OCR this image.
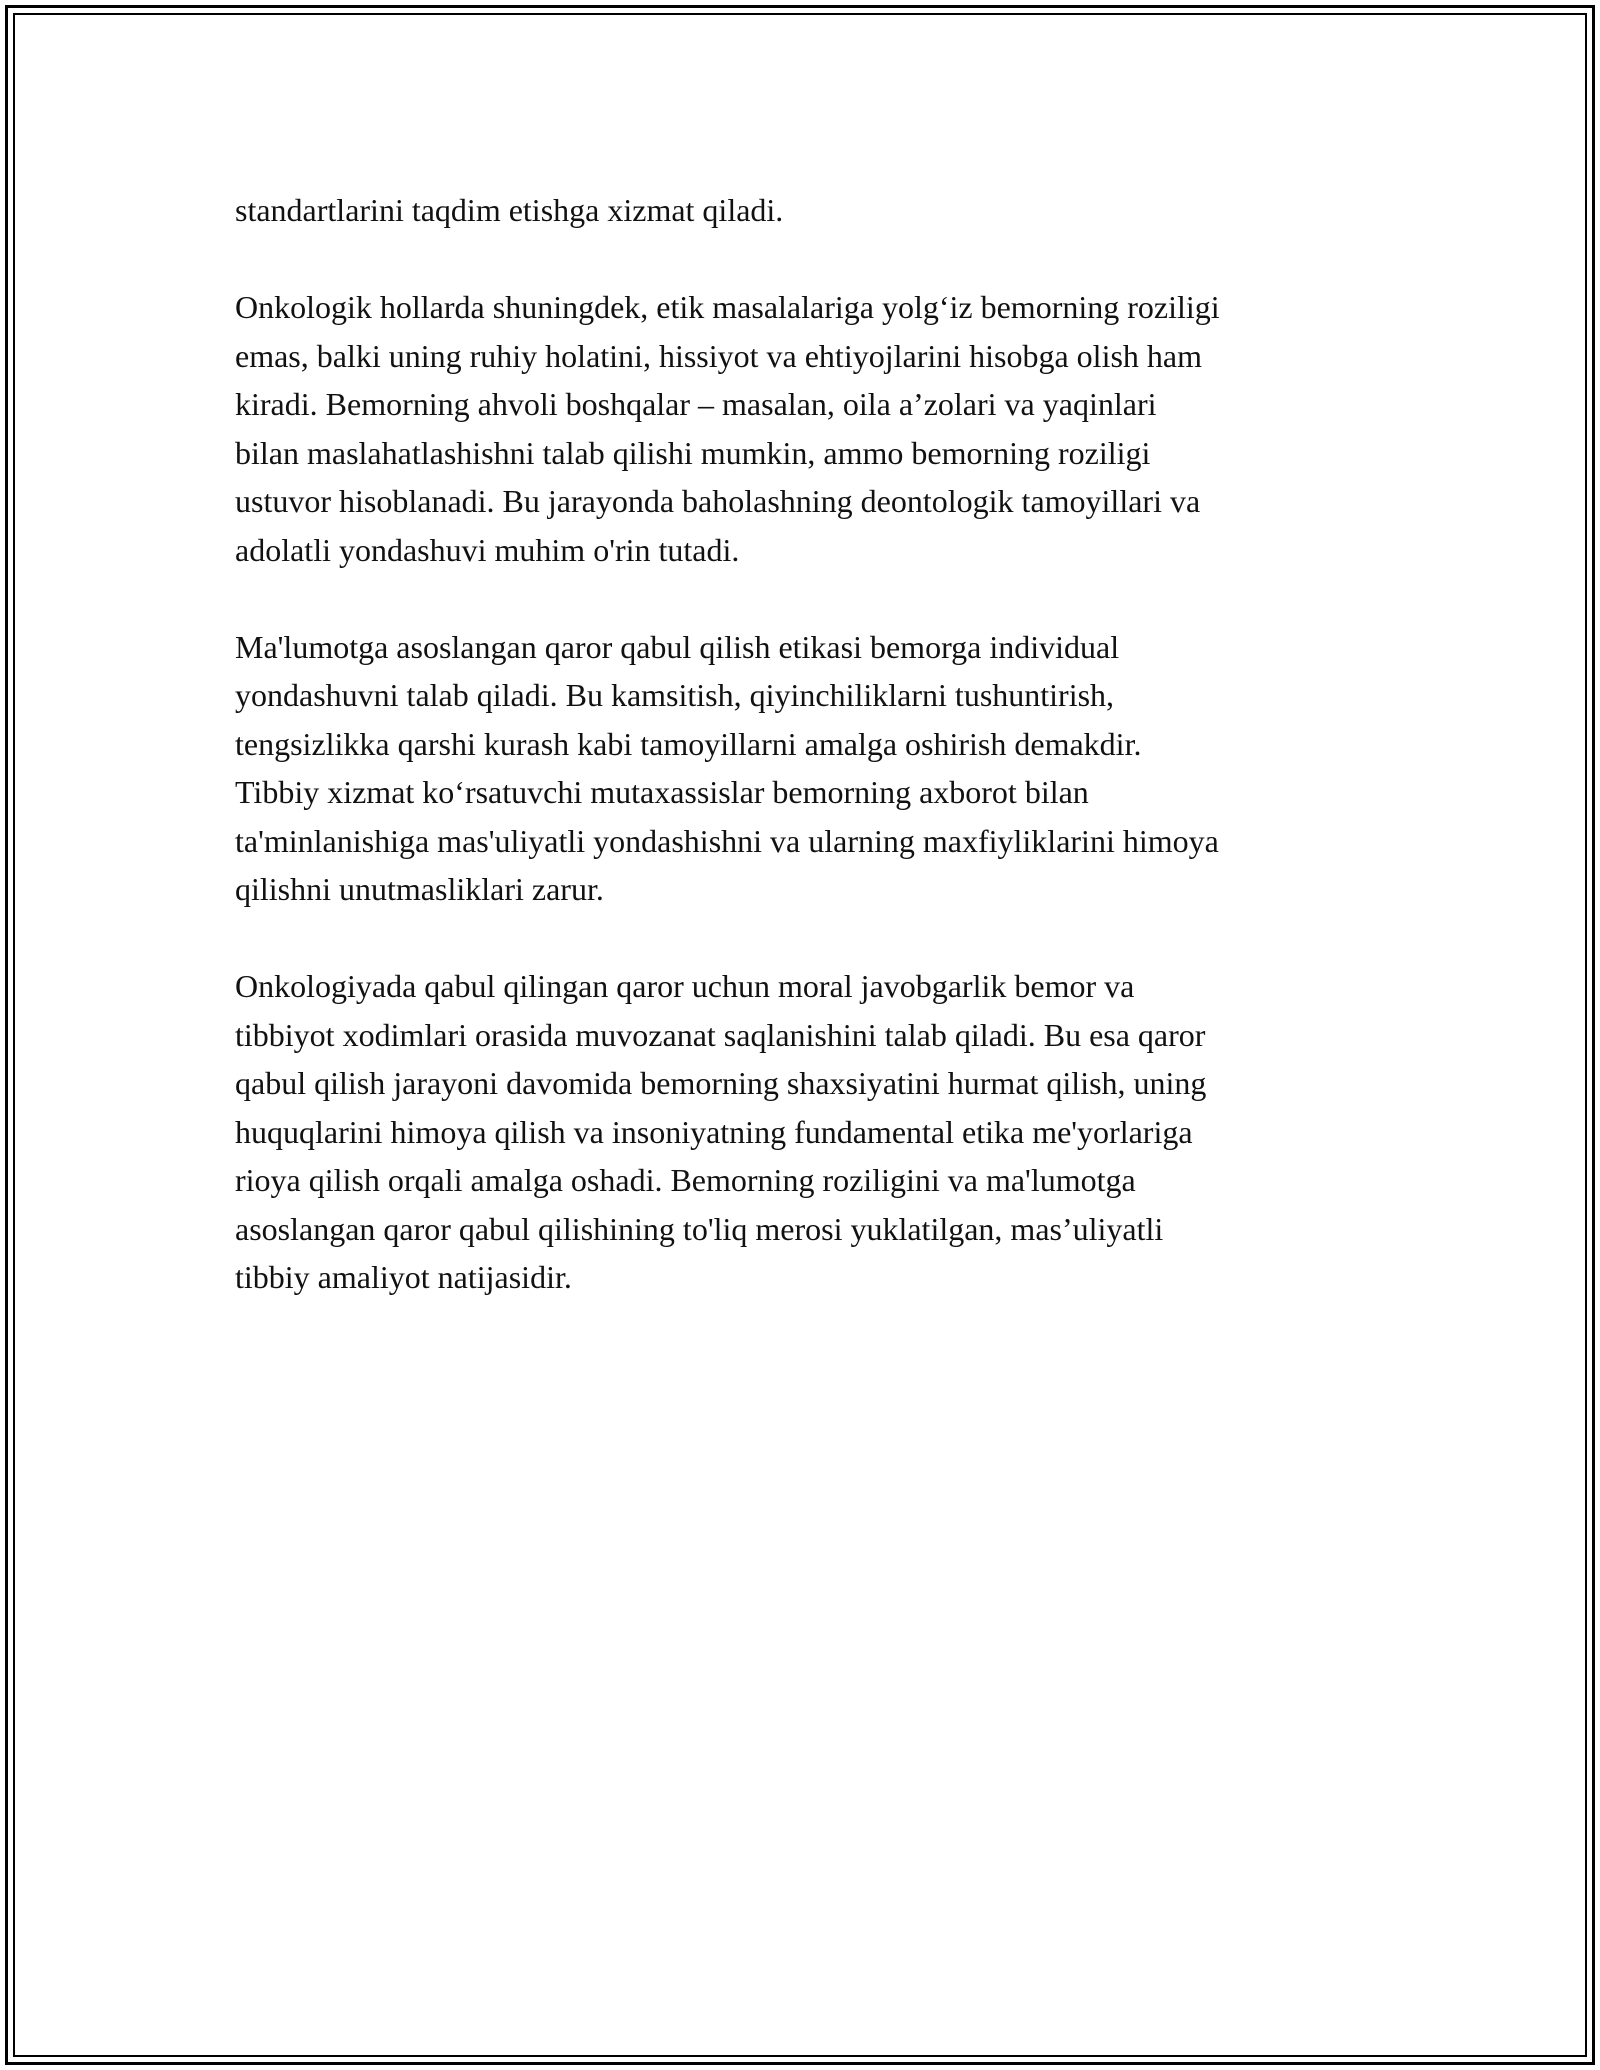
standartlarini taqdim etishga xizmat qiladi.
Onkologik hollarda shuningdek, etik masalalariga yolg‘iz bemorning roziligi
emas, balki uning ruhiy holatini, hissiyot va ehtiyojlarini hisobga olish ham
kiradi. Bemorning ahvoli boshqalar – masalan, oila a’zolari va yaqinlari
bilan maslahatlashishni talab qilishi mumkin, ammo bemorning roziligi
ustuvor hisoblanadi. Bu jarayonda baholashning deontologik tamoyillari va
adolatli yondashuvi muhim o'rin tutadi.
Ma'lumotga asoslangan qaror qabul qilish etikasi bemorga individual
yondashuvni talab qiladi. Bu kamsitish, qiyinchiliklarni tushuntirish,
tengsizlikka qarshi kurash kabi tamoyillarni amalga oshirish demakdir.
Tibbiy xizmat ko‘rsatuvchi mutaxassislar bemorning axborot bilan
ta'minlanishiga mas'uliyatli yondashishni va ularning maxfiyliklarini himoya
qilishni unutmasliklari zarur.
Onkologiyada qabul qilingan qaror uchun moral javobgarlik bemor va
tibbiyot xodimlari orasida muvozanat saqlanishini talab qiladi. Bu esa qaror
qabul qilish jarayoni davomida bemorning shaxsiyatini hurmat qilish, uning
huquqlarini himoya qilish va insoniyatning fundamental etika me'yorlariga
rioya qilish orqali amalga oshadi. Bemorning roziligini va ma'lumotga
asoslangan qaror qabul qilishining to'liq merosi yuklatilgan, mas’uliyatli
tibbiy amaliyot natijasidir.
